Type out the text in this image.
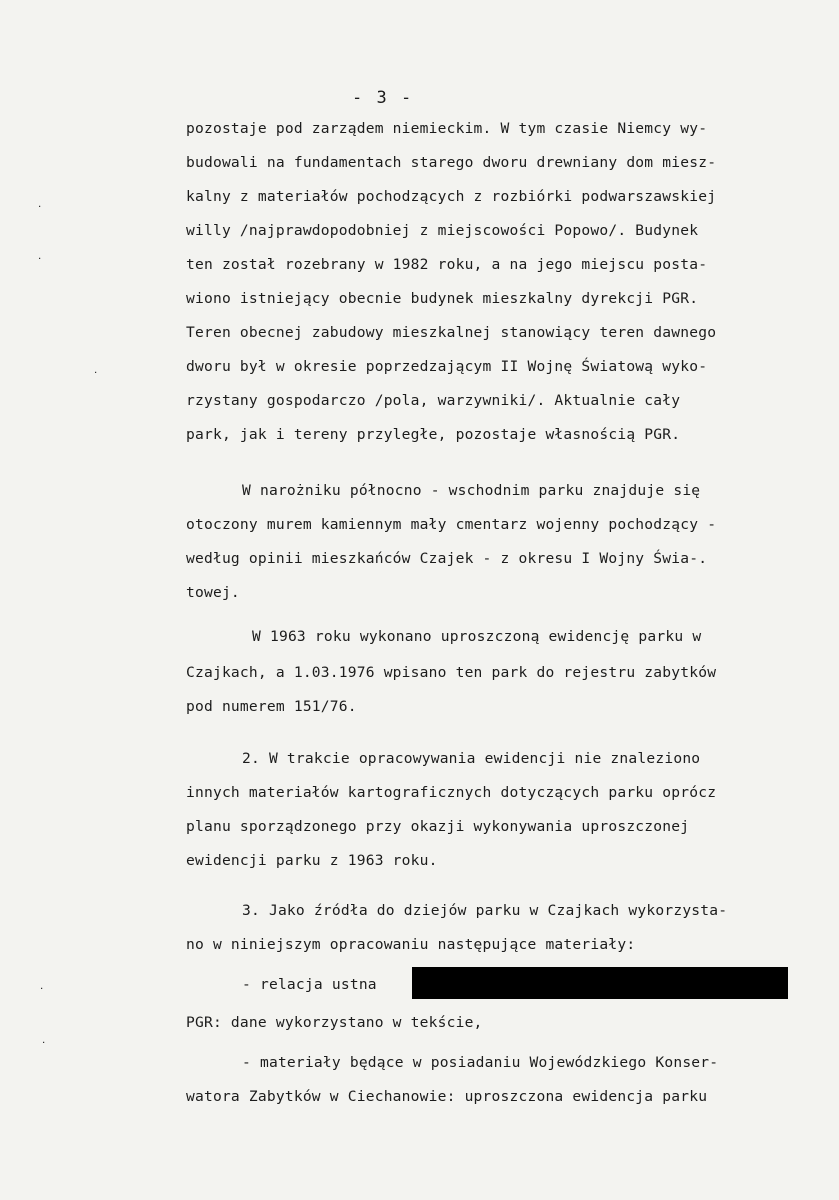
- 3 -
pozostaje pod zarządem niemieckim. W tym czasie Niemcy wy-
budowali na fundamentach starego dworu drewniany dom miesz-
kalny z materiałów pochodzących z rozbiórki podwarszawskiej
willy /najprawdopodobniej z miejscowości Popowo/. Budynek
ten został rozebrany w 1982 roku, a na jego miejscu posta-
wiono istniejący obecnie budynek mieszkalny dyrekcji PGR.
Teren obecnej zabudowy mieszkalnej stanowiący teren dawnego
dworu był w okresie poprzedzającym II Wojnę Światową wyko-
rzystany gospodarczo /pola, warzywniki/. Aktualnie cały
park, jak i tereny przyległe, pozostaje własnością PGR.
W narożniku północno - wschodnim parku znajduje się
otoczony murem kamiennym mały cmentarz wojenny pochodzący -
według opinii mieszkańców Czajek - z okresu I Wojny Świa-.
towej.
W 1963 roku wykonano uproszczoną ewidencję parku w
Czajkach, a 1.03.1976 wpisano ten park do rejestru zabytków
pod numerem 151/76.
2. W trakcie opracowywania ewidencji nie znaleziono
innych materiałów kartograficznych dotyczących parku oprócz
planu sporządzonego przy okazji wykonywania uproszczonej
ewidencji parku z 1963 roku.
3. Jako źródła do dziejów parku w Czajkach wykorzysta-
no w niniejszym opracowaniu następujące materiały:
- relacja ustna
PGR: dane wykorzystano w tekście,
- materiały będące w posiadaniu Wojewódzkiego Konser-
watora Zabytków w Ciechanowie: uproszczona ewidencja parku
˙
˙
˙
˙
˙
